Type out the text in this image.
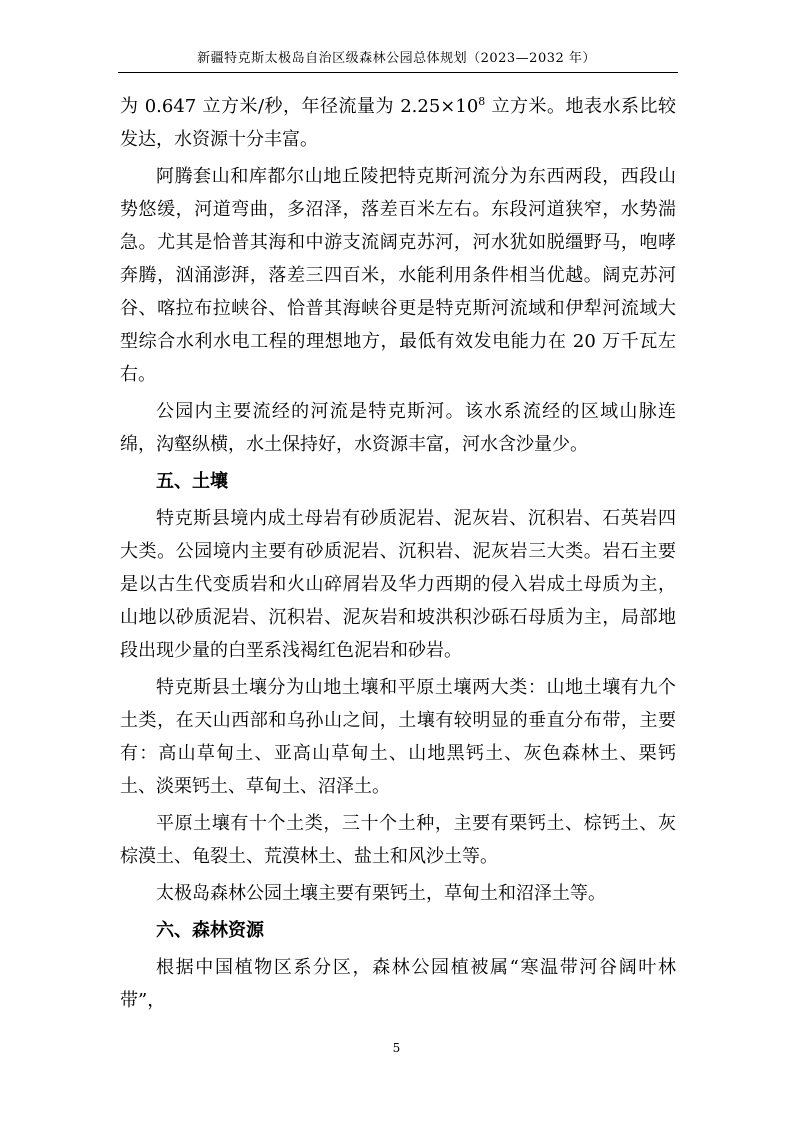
新疆特克斯太极岛自治区级森林公园总体规划（2023—2032 年）

为 0.647 立方米/秒，年径流量为 $2.25\times 10^8$ 立方米。地表水系比较发达，水资源十分丰富。

阿腾套山和库都尔山地丘陵把特克斯河流分为东西两段，西段山势悠缓，河道弯曲，多沼泽，落差百米左右。东段河道狭窄，水势湍急。尤其是恰普其海和中游支流阔克苏河，河水犹如脱缰野马，咆哮奔腾，汹涌澎湃，落差三四百米，水能利用条件相当优越。阔克苏河谷、喀拉布拉峡谷、恰普其海峡谷更是特克斯河流域和伊犁河流域大型综合水利水电工程的理想地方，最低有效发电能力在 20 万千瓦左右。

公园内主要流经的河流是特克斯河。该水系流经的区域山脉连绵，沟壑纵横，水土保持好，水资源丰富，河水含沙量少。

五、土壤

特克斯县境内成土母岩有砂质泥岩、泥灰岩、沉积岩、石英岩四大类。公园境内主要有砂质泥岩、沉积岩、泥灰岩三大类。岩石主要是以古生代变质岩和火山碎屑岩及华力西期的侵入岩成土母质为主，山地以砂质泥岩、沉积岩、泥灰岩和坡洪积沙砾石母质为主，局部地段出现少量的白垩系浅褐红色泥岩和砂岩。

特克斯县土壤分为山地土壤和平原土壤两大类：山地土壤有九个土类，在天山西部和乌孙山之间，土壤有较明显的垂直分布带，主要有：高山草甸土、亚高山草甸土、山地黑钙土、灰色森林土、栗钙土、淡栗钙土、草甸土、沼泽土。

平原土壤有十个土类，三十个土种，主要有栗钙土、棕钙土、灰棕漠土、龟裂土、荒漠林土、盐土和风沙土等。

太极岛森林公园土壤主要有栗钙土，草甸土和沼泽土等。

六、森林资源

根据中国植物区系分区，森林公园植被属“寒温带河谷阔叶林带”，

5
